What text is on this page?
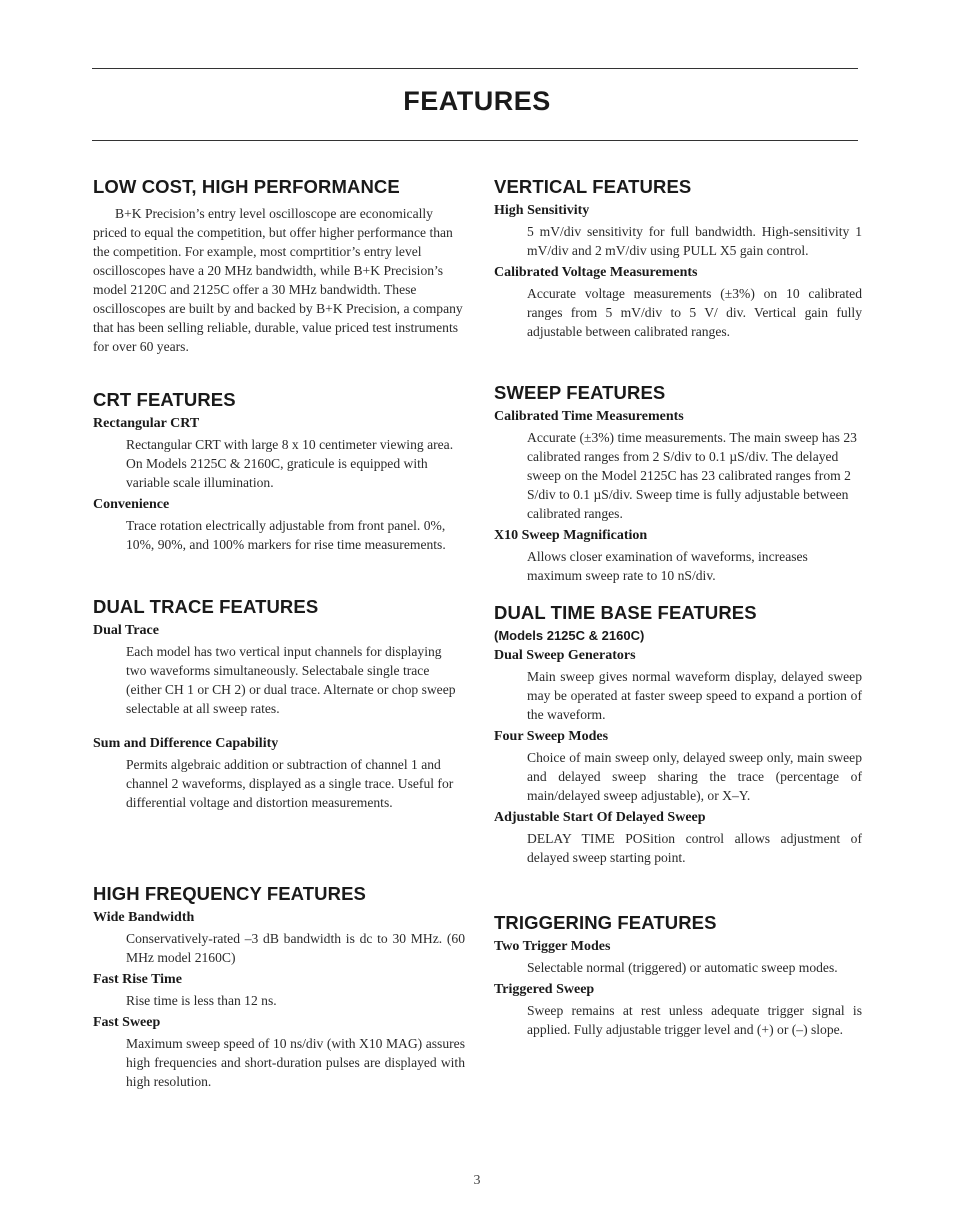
FEATURES
LOW COST, HIGH PERFORMANCE

B+K Precision’s entry level oscilloscope are economically priced to equal the competition, but offer higher performance than the competition. For example, most comprtitior’s entry level oscilloscopes have a 20 MHz bandwidth, while B+K Precision’s model 2120C and 2125C offer a 30 MHz bandwidth. These oscilloscopes are built by and backed by B+K Precision, a company that has been selling reliable, durable, value priced test instruments for over 60 years.

CRT FEATURES
Rectangular CRT

Rectangular CRT with large 8 x 10 centimeter viewing area. On Models 2125C & 2160C, graticule is equipped with variable scale illumination.

Convenience

Trace rotation electrically adjustable from front panel. 0%, 10%, 90%, and 100% markers for rise time measurements.

DUAL TRACE FEATURES
Dual Trace

Each model has two vertical input channels for displaying two waveforms simultaneously. Selectabale single trace (either CH 1 or CH 2) or dual trace. Alternate or chop sweep selectable at all sweep rates.

Sum and Difference Capability

Permits algebraic addition or subtraction of channel 1 and channel 2 waveforms, displayed as a single trace. Useful for differential voltage and distortion measurements.

HIGH FREQUENCY FEATURES
Wide Bandwidth

Conservatively-rated –3 dB bandwidth is dc to 30 MHz. (60 MHz model 2160C)

Fast Rise Time

Rise time is less than 12 ns.

Fast Sweep

Maximum sweep speed of 10 ns/div (with X10 MAG) assures high frequencies and short-duration pulses are displayed with high resolution.

VERTICAL FEATURES
High Sensitivity

5 mV/div sensitivity for full bandwidth. High-sensitivity 1 mV/div and 2 mV/div using PULL X5 gain control.

Calibrated Voltage Measurements

Accurate voltage measurements (±3%) on 10 calibrated ranges from 5 mV/div to 5 V/ div. Vertical gain fully adjustable between calibrated ranges.

SWEEP FEATURES
Calibrated Time Measurements

Accurate (±3%) time measurements. The main sweep has 23 calibrated ranges from 2 S/div to 0.1 µS/div. The delayed sweep on the Model 2125C has 23 calibrated ranges from 2 S/div to 0.1 µS/div. Sweep time is fully adjustable between calibrated ranges.

X10 Sweep Magnification

Allows closer examination of waveforms, increases maximum sweep rate to 10 nS/div.

DUAL TIME BASE FEATURES

(Models 2125C & 2160C)

Dual Sweep Generators

Main sweep gives normal waveform display, delayed sweep may be operated at faster sweep speed to expand a portion of the waveform.

Four Sweep Modes

Choice of main sweep only, delayed sweep only, main sweep and delayed sweep sharing the trace (percentage of main/delayed sweep adjustable), or X–Y.

Adjustable Start Of Delayed Sweep

DELAY TIME POSition control allows adjustment of delayed sweep starting point.

TRIGGERING FEATURES
Two Trigger Modes

Selectable normal (triggered) or automatic sweep modes.

Triggered Sweep

Sweep remains at rest unless adequate trigger signal is applied. Fully adjustable trigger level and (+) or (–) slope.

3
